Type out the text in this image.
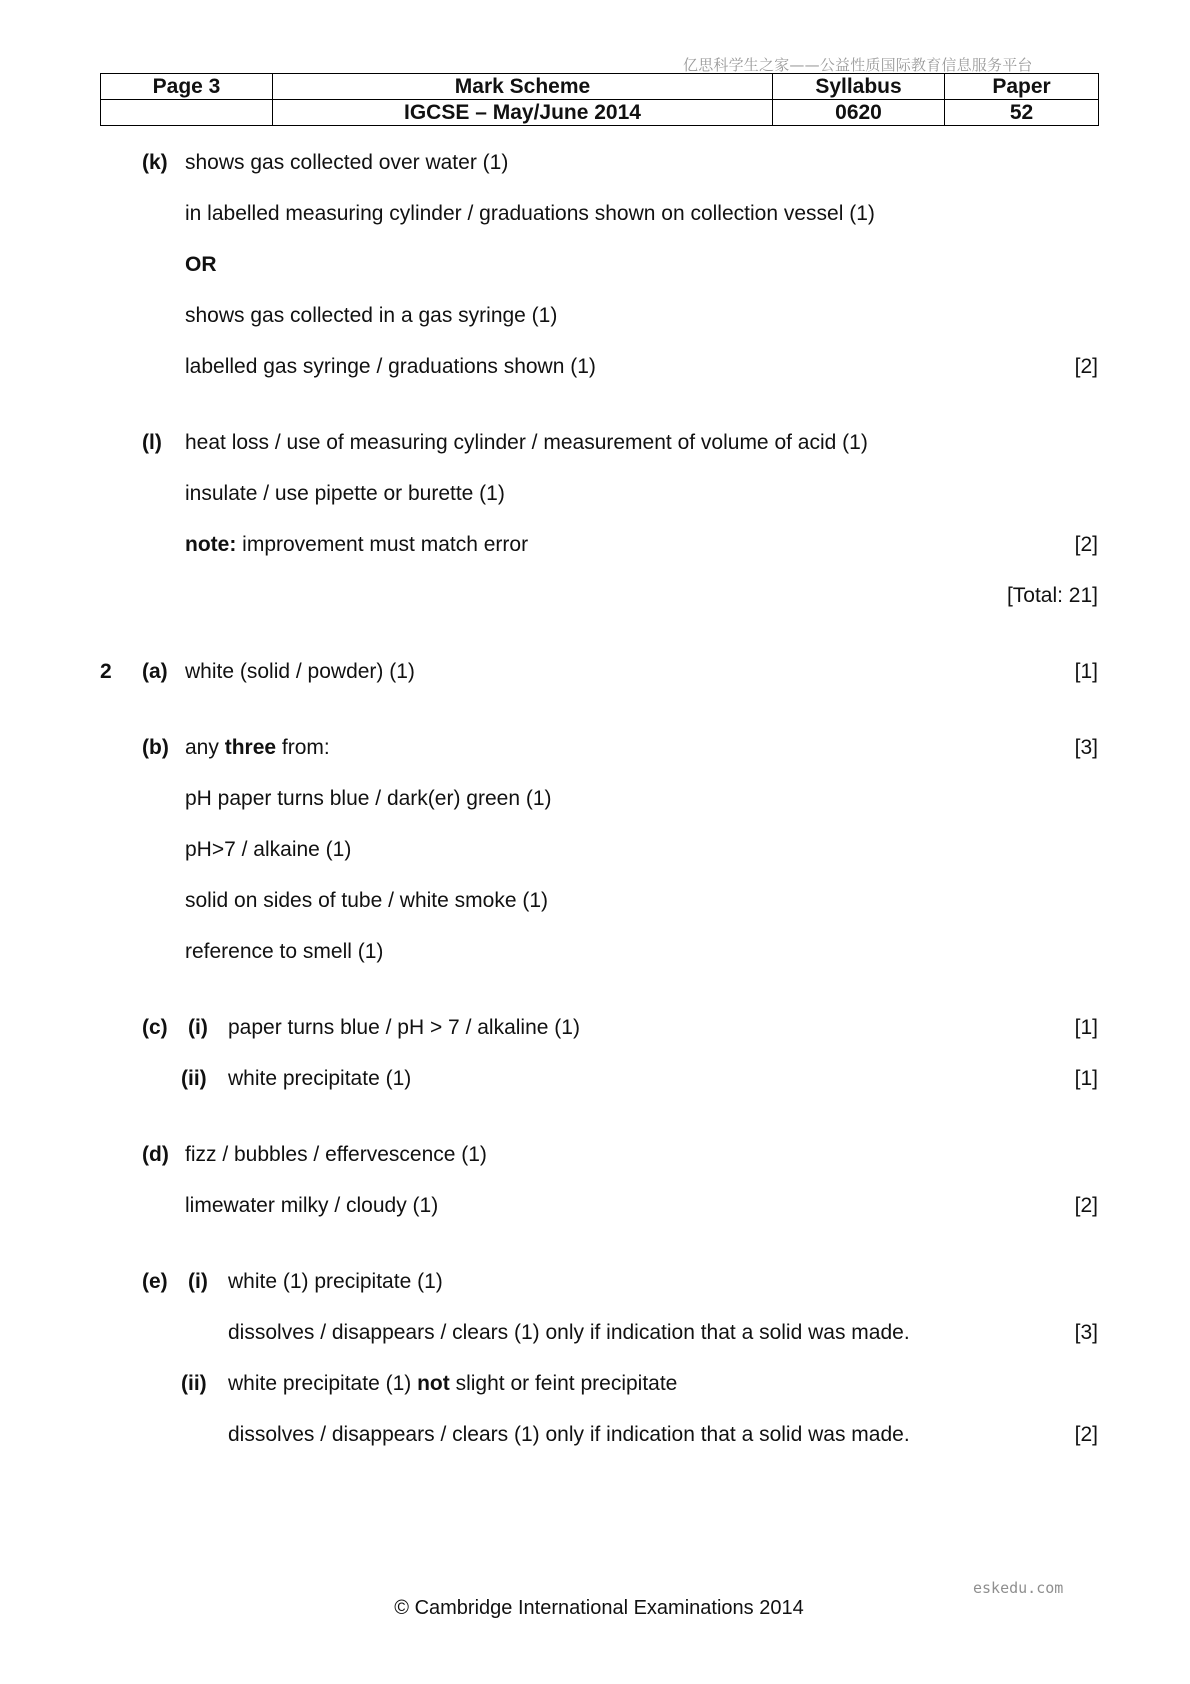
亿思科学生之家——公益性质国际教育信息服务平台
Page 3	Mark Scheme	Syllabus	Paper
	IGCSE – May/June 2014	0620	52
(k) shows gas collected over water (1)
in labelled measuring cylinder / graduations shown on collection vessel (1)
OR
shows gas collected in a gas syringe (1)
labelled gas syringe / graduations shown (1)	[2]
(l) heat loss / use of measuring cylinder / measurement of volume of acid (1)
insulate / use pipette or burette (1)
note: improvement must match error	[2]
[Total: 21]
2 (a) white (solid / powder) (1)	[1]
(b) any three from:	[3]
pH paper turns blue / dark(er) green (1)
pH>7 / alkaine (1)
solid on sides of tube / white smoke (1)
reference to smell (1)
(c) (i) paper turns blue / pH > 7 / alkaline (1)	[1]
(ii) white precipitate (1)	[1]
(d) fizz / bubbles / effervescence (1)
limewater milky / cloudy (1)	[2]
(e) (i) white (1) precipitate (1)
dissolves / disappears / clears (1) only if indication that a solid was made.	[3]
(ii) white precipitate (1) not slight or feint precipitate
dissolves / disappears / clears (1) only if indication that a solid was made.	[2]
eskedu.com
© Cambridge International Examinations 2014
